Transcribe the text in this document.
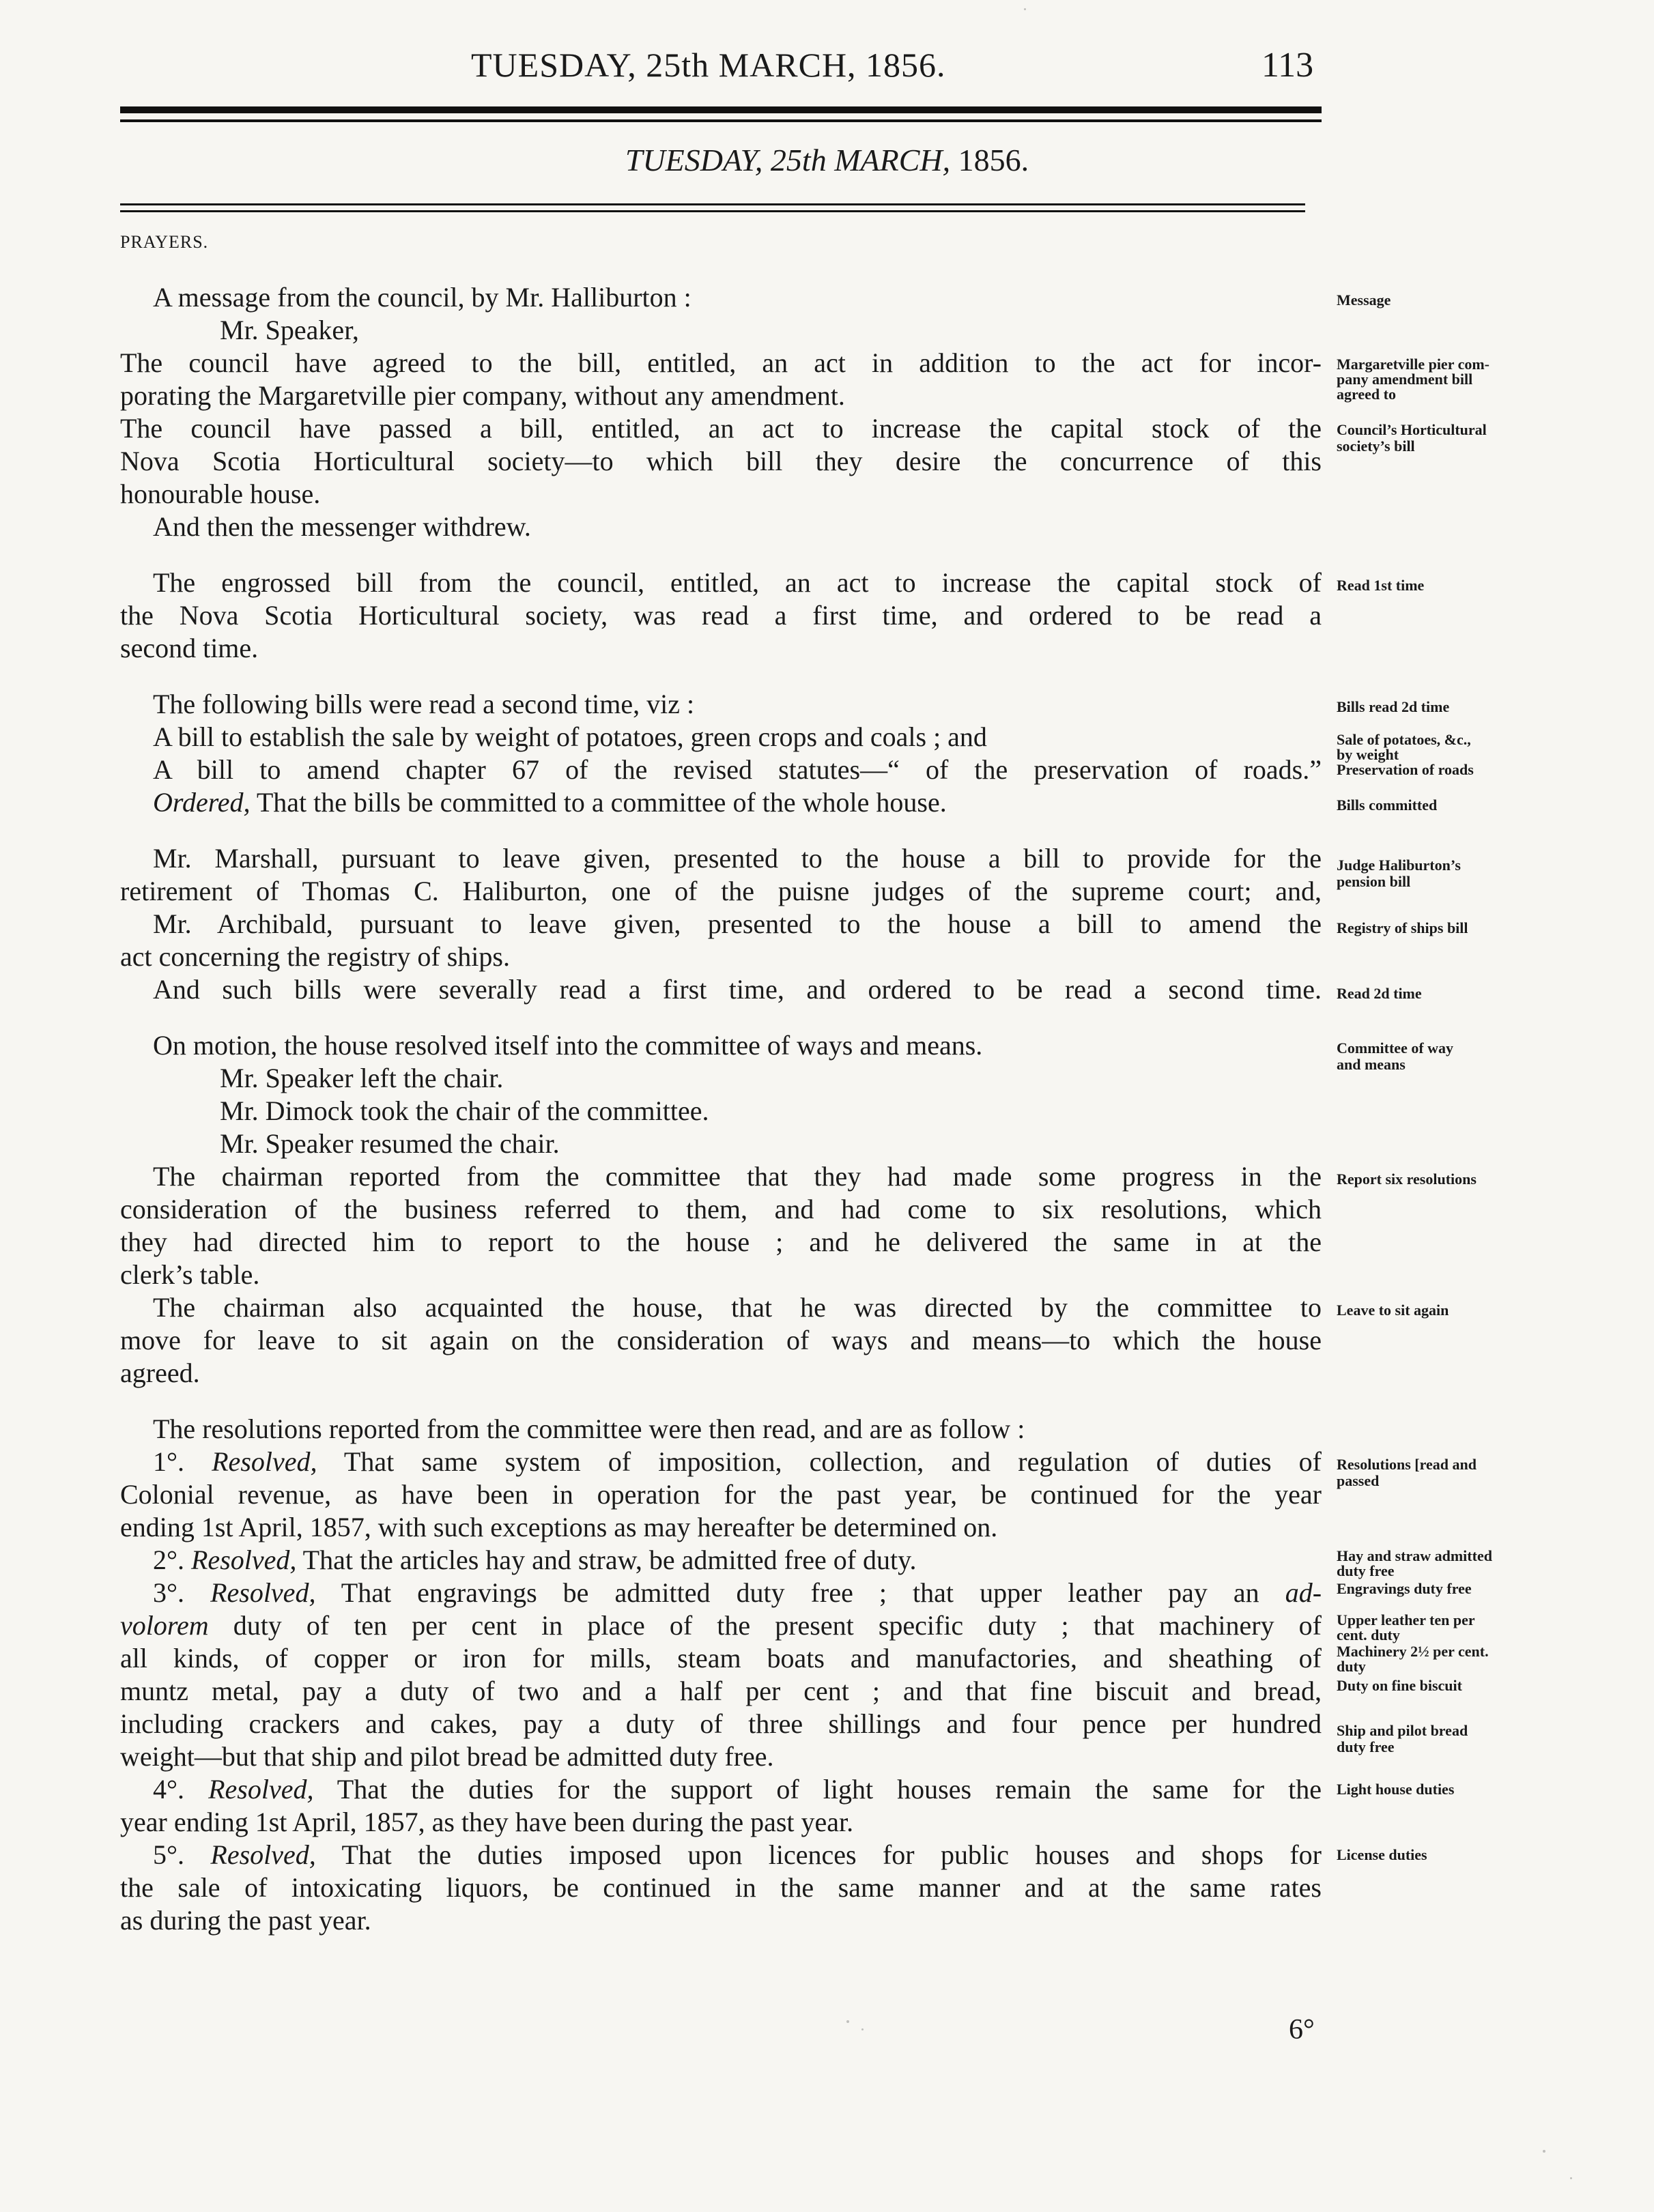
TUESDAY, 25th MARCH, 1856.	113
TUESDAY, 25th MARCH, 1856.
PRAYERS.
A message from the council, by Mr. Halliburton :
Mr. Speaker,
The council have agreed to the bill, entitled, an act in addition to the act for incor-
porating the Margaretville pier company, without any amendment.
The council have passed a bill, entitled, an act to increase the capital stock of the
Nova Scotia Horticultural society—to which bill they desire the concurrence of this
honourable house.
And then the messenger withdrew.
The engrossed bill from the council, entitled, an act to increase the capital stock of
the Nova Scotia Horticultural society, was read a first time, and ordered to be read a
second time.
The following bills were read a second time, viz :
A bill to establish the sale by weight of potatoes, green crops and coals ; and
A bill to amend chapter 67 of the revised statutes—“ of the preservation of roads.”
Ordered, That the bills be committed to a committee of the whole house.
Mr. Marshall, pursuant to leave given, presented to the house a bill to provide for the
retirement of Thomas C. Haliburton, one of the puisne judges of the supreme court; and,
Mr. Archibald, pursuant to leave given, presented to the house a bill to amend the
act concerning the registry of ships.
And such bills were severally read a first time, and ordered to be read a second time.
On motion, the house resolved itself into the committee of ways and means.
Mr. Speaker left the chair.
Mr. Dimock took the chair of the committee.
Mr. Speaker resumed the chair.
The chairman reported from the committee that they had made some progress in the
consideration of the business referred to them, and had come to six resolutions, which
they had directed him to report to the house ; and he delivered the same in at the
clerk’s table.
The chairman also acquainted the house, that he was directed by the committee to
move for leave to sit again on the consideration of ways and means—to which the house
agreed.
The resolutions reported from the committee were then read, and are as follow :
1°. Resolved, That same system of imposition, collection, and regulation of duties of
Colonial revenue, as have been in operation for the past year, be continued for the year
ending 1st April, 1857, with such exceptions as may hereafter be determined on.
2°. Resolved, That the articles hay and straw, be admitted free of duty.
3°. Resolved, That engravings be admitted duty free ; that upper leather pay an ad-
volorem duty of ten per cent in place of the present specific duty ; that machinery of
all kinds, of copper or iron for mills, steam boats and manufactories, and sheathing of
muntz metal, pay a duty of two and a half per cent ; and that fine biscuit and bread,
including crackers and cakes, pay a duty of three shillings and four pence per hundred
weight—but that ship and pilot bread be admitted duty free.
4°. Resolved, That the duties for the support of light houses remain the same for the
year ending 1st April, 1857, as they have been during the past year.
5°. Resolved, That the duties imposed upon licences for public houses and shops for
the sale of intoxicating liquors, be continued in the same manner and at the same rates
as during the past year.
Message
Margaretville pier com-
pany amendment bill
agreed to
Council’s Horticultural
society’s bill
Read 1st time
Bills read 2d time
Sale of potatoes, &c.,
by weight
Preservation of roads
Bills committed
Judge Haliburton’s
pension bill
Registry of ships bill
Read 2d time
Committee of way
and means
Report six resolutions
Leave to sit again
Resolutions [read and
passed
Hay and straw admitted
duty free
Engravings duty free
Upper leather ten per
cent. duty
Machinery 2½ per cent.
duty
Duty on fine biscuit
Ship and pilot bread
duty free
Light house duties
License duties
6°
